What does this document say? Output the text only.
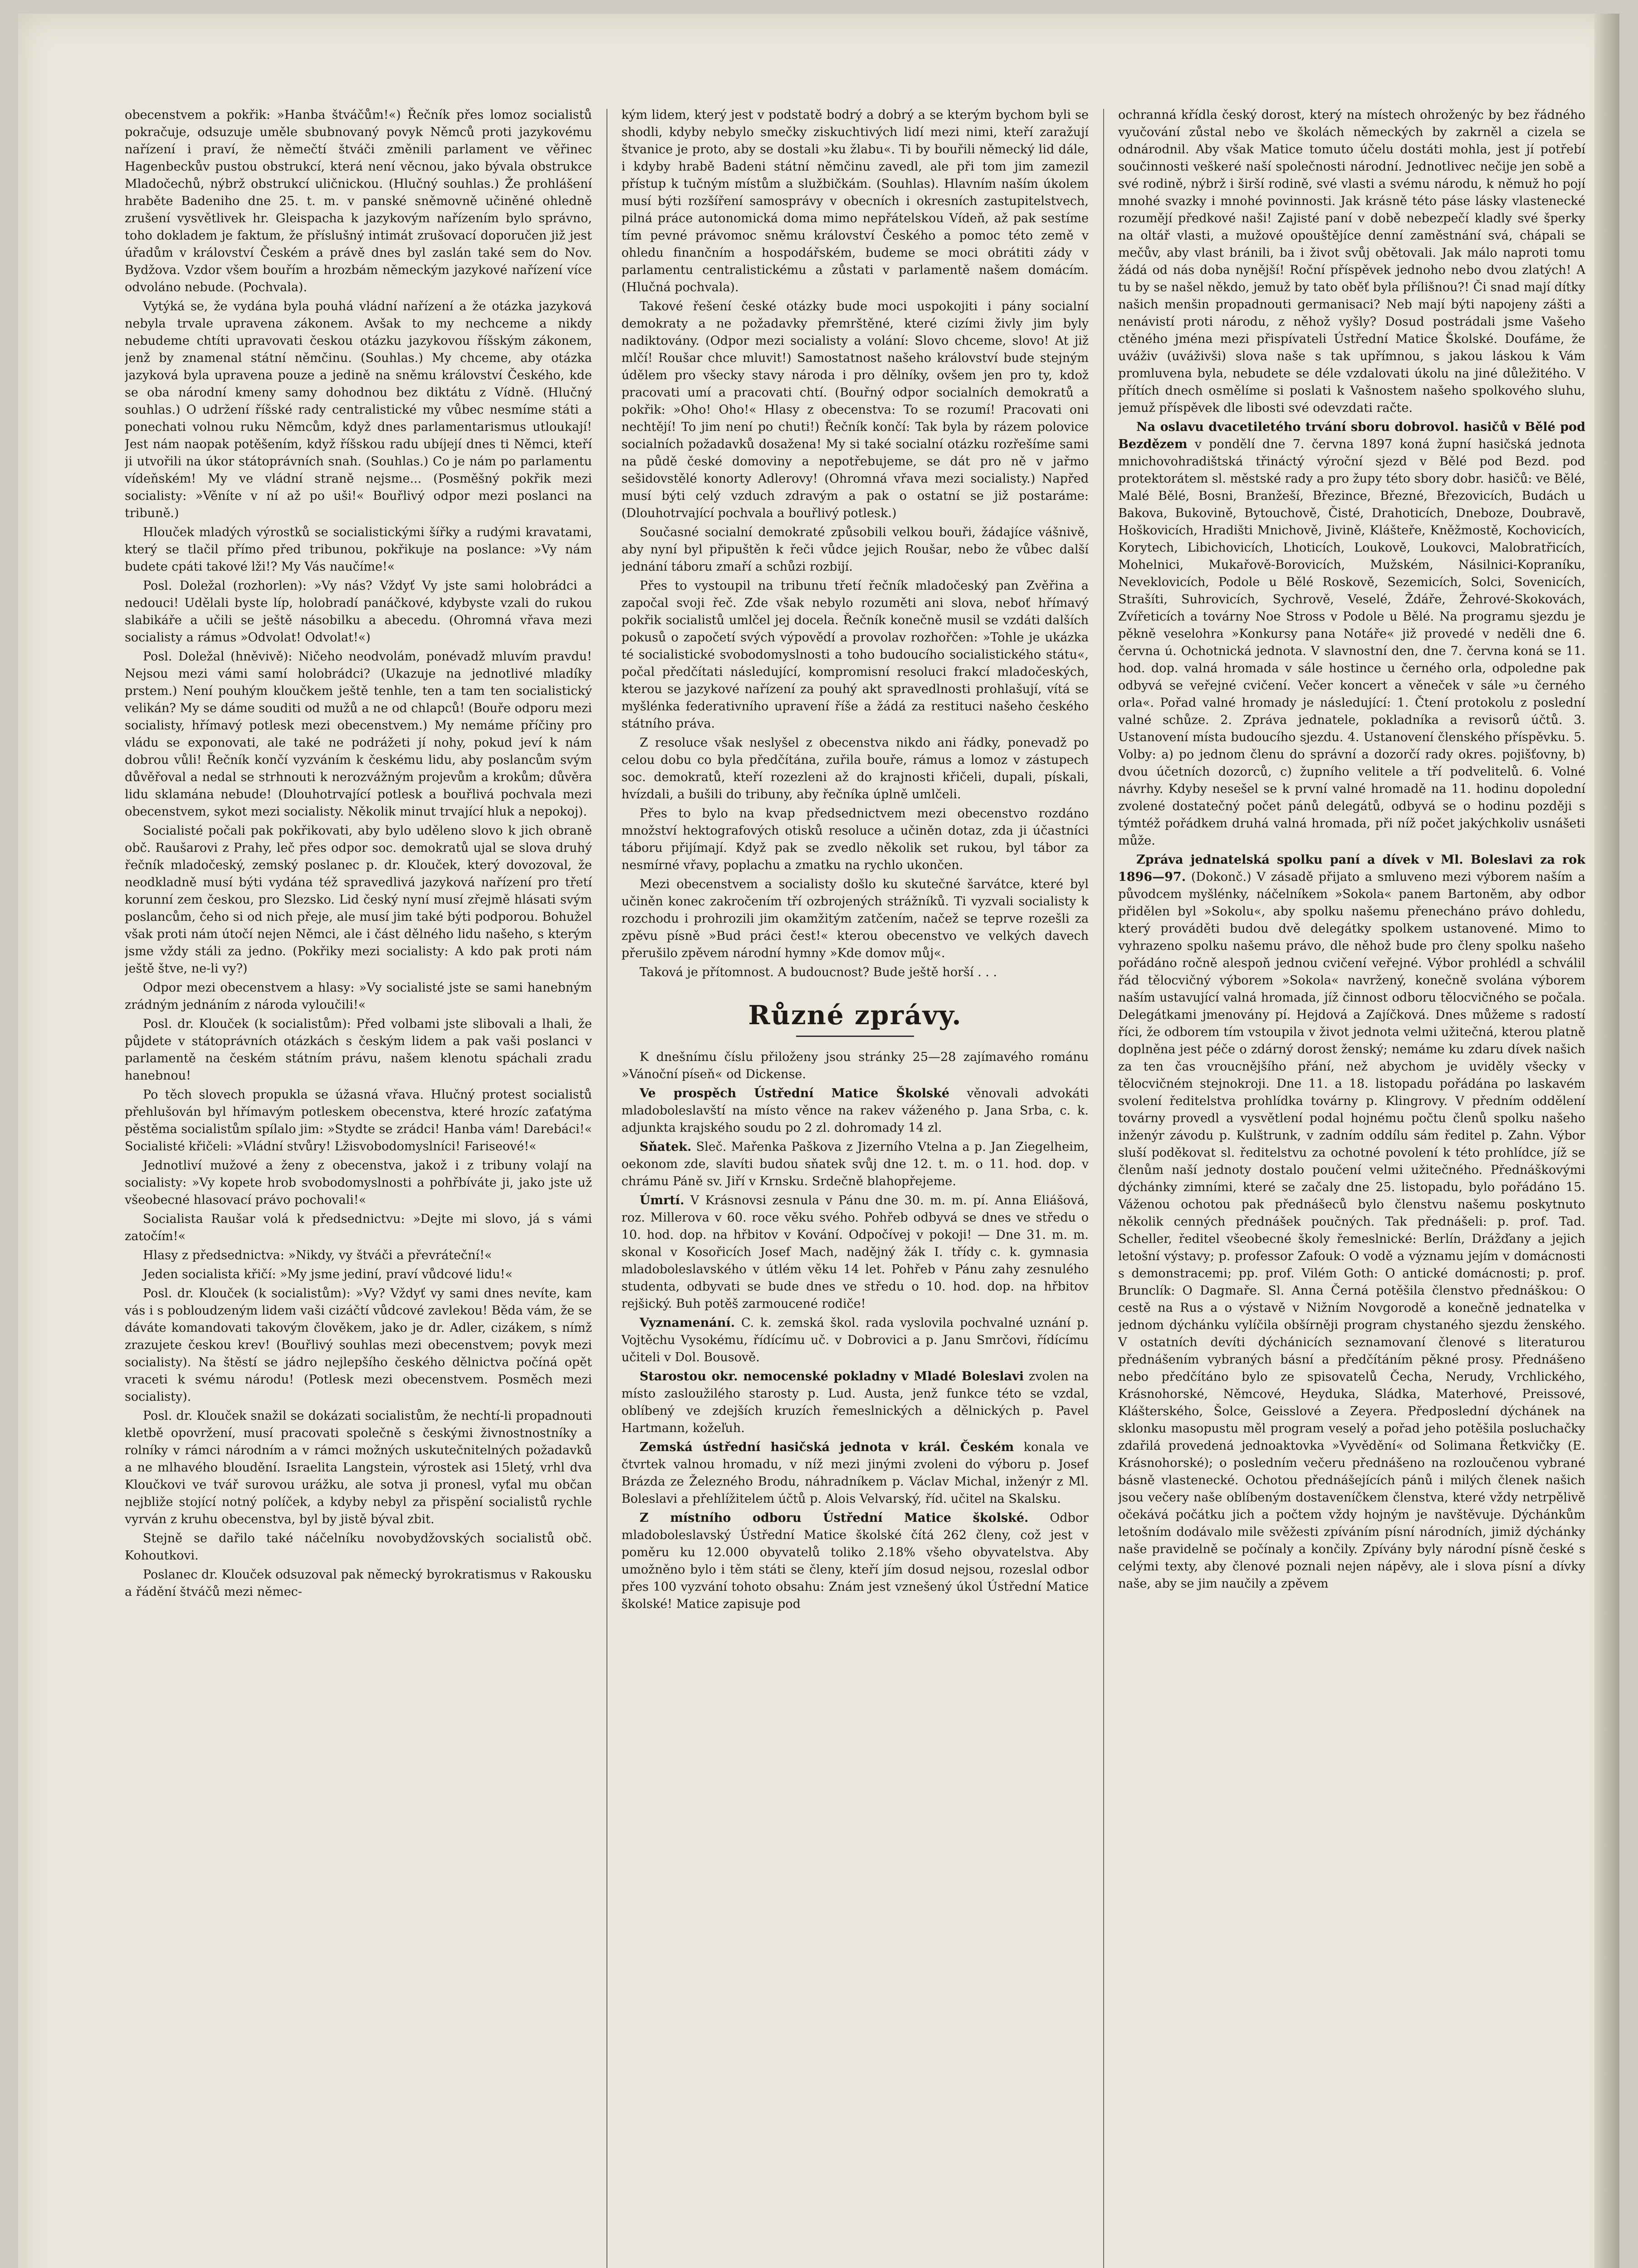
obecenstvem a pokřik: »Hanba štváčům!«) Řečník přes lomoz socialistů pokračuje, odsuzuje uměle sbubnovaný povyk Němců proti jazykovému nařízení i praví, že němečtí štváči změnili parlament ve věřinec Hagenbeckův pustou obstrukcí, která není věcnou, jako bývala obstrukce Mladočechů, nýbrž obstrukcí uličnickou. (Hlučný souhlas.) Že prohlášení hraběte Badeniho dne 25. t. m. v panské sněmovně učiněné ohledně zrušení vysvětlivek hr. Gleispacha k jazykovým nařízením bylo správno, toho dokladem je faktum, že příslušný intimát zrušovací doporučen již jest úřadům v království Českém a právě dnes byl zaslán také sem do Nov. Bydžova. Vzdor všem bouřím a hrozbám německým jazykové nařízení více odvoláno nebude. (Pochvala).

Vytýká se, že vydána byla pouhá vládní nařízení a že otázka jazyková nebyla trvale upravena zákonem. Avšak to my nechceme a nikdy nebudeme chtíti upravovati českou otázku jazykovou říšským zákonem, jenž by znamenal státní němčinu. (Souhlas.) My chceme, aby otázka jazyková byla upravena pouze a jedině na sněmu království Českého, kde se oba národní kmeny samy dohodnou bez diktátu z Vídně. (Hlučný souhlas.) O udržení říšské rady centralistické my vůbec nesmíme státi a ponechati volnou ruku Němcům, když dnes parlamentarismus utloukají! Jest nám naopak potěšením, když říšskou radu ubíjejí dnes ti Němci, kteří ji utvořili na úkor státoprávních snah. (Souhlas.) Co je nám po parlamentu vídeňském! My ve vládní straně nejsme... (Posměšný pokřik mezi socialisty: »Věníte v ní až po uši!« Bouřlivý odpor mezi poslanci na tribuně.)

Hlouček mladých výrostků se socialistickými šířky a rudými kravatami, který se tlačil přímo před tribunou, pokřikuje na poslance: »Vy nám budete cpáti takové lži!? My Vás naučíme!«

Posl. Doležal (rozhorlen): »Vy nás? Vždyť Vy jste sami holobrádci a nedouci! Udělali byste líp, holobradí panáčkové, kdybyste vzali do rukou slabikáře a učili se ještě násobilku a abecedu. (Ohromná vřava mezi socialisty a rámus »Odvolat! Odvolat!«)

Posl. Doležal (hněvivě): Ničeho neodvolám, ponévadž mluvím pravdu! Nejsou mezi vámi samí holobrádci? (Ukazuje na jednotlivé mladíky prstem.) Není pouhým kloučkem ještě tenhle, ten a tam ten socialistický velikán? My se dáme souditi od mužů a ne od chlapců! (Bouře odporu mezi socialisty, hřímavý potlesk mezi obecenstvem.) My nemáme příčiny pro vládu se exponovati, ale také ne podrážeti jí nohy, pokud jeví k nám dobrou vůli! Řečník končí vyzváním k českému lidu, aby poslancům svým důvěřoval a nedal se strhnouti k nerozvážným projevům a krokům; důvěra lidu sklamána nebude! (Dlouhotrvající potlesk a bouřlivá pochvala mezi obecenstvem, sykot mezi socialisty. Několik minut trvající hluk a nepokoj).

Socialisté počali pak pokřikovati, aby bylo uděleno slovo k jich obraně obč. Raušarovi z Prahy, leč přes odpor soc. demokratů ujal se slova druhý řečník mladočeský, zemský poslanec p. dr. Klouček, který dovozoval, že neodkladně musí býti vydána též spravedlivá jazyková nařízení pro třetí korunní zem českou, pro Slezsko. Lid český nyní musí zřejmě hlásati svým poslancům, čeho si od nich přeje, ale musí jim také býti podporou. Bohužel však proti nám útočí nejen Němci, ale i část dělného lidu našeho, s kterým jsme vždy stáli za jedno. (Pokřiky mezi socialisty: A kdo pak proti nám ještě štve, ne-li vy?)

Odpor mezi obecenstvem a hlasy: »Vy socialisté jste se sami hanebným zrádným jednáním z národa vyloučili!«

Posl. dr. Klouček (k socialistům): Před volbami jste slibovali a lhali, že půjdete v státoprávních otázkách s českým lidem a pak vaši poslanci v parlamentě na českém státním právu, našem klenotu spáchali zradu hanebnou!

Po těch slovech propukla se úžasná vřava. Hlučný protest socialistů přehlušován byl hřímavým potleskem obecenstva, které hrozíc zaťatýma pěstěma socialistům spílalo jim: »Stydte se zrádci! Hanba vám! Darebáci!« Socialisté křičeli: »Vládní stvůry! Lžisvobodomyslníci! Fariseové!«

Jednotliví mužové a ženy z obecenstva, jakož i z tribuny volají na socialisty: »Vy kopete hrob svobodomyslnosti a pohřbíváte ji, jako jste už všeobecné hlasovací právo pochovali!«

Socialista Raušar volá k předsednictvu: »Dejte mi slovo, já s vámi zatočím!«

Hlasy z předsednictva: »Nikdy, vy štváči a převráteční!«

Jeden socialista křičí: »My jsme jediní, praví vůdcové lidu!«

Posl. dr. Klouček (k socialistům): »Vy? Vždyť vy sami dnes nevíte, kam vás i s pobloudzeným lidem vaši cizáčtí vůdcové zavlekou! Běda vám, že se dáváte komandovati takovým člověkem, jako je dr. Adler, cizákem, s nímž zrazujete českou krev! (Bouřlivý souhlas mezi obecenstvem; povyk mezi socialisty). Na štěstí se jádro nejlepšího českého dělnictva počíná opět vraceti k svému národu! (Potlesk mezi obecenstvem. Posměch mezi socialisty).

Posl. dr. Klouček snažil se dokázati socialistům, že nechtí-li propadnouti kletbě opovržení, musí pracovati společně s českými živnostnostníky a rolníky v rámci národním a v rámci možných uskutečnitelných požadavků a ne mlhavého bloudění. Israelita Langstein, výrostek asi 15letý, vrhl dva Kloučkovi ve tvář surovou urážku, ale sotva ji pronesl, vyťal mu občan nejbliže stojící notný políček, a kdyby nebyl za přispění socialistů rychle vyrván z kruhu obecenstva, byl by jistě býval zbit.

Stejně se dařilo také náčelníku novobydžovských socialistů obč. Kohoutkovi.

Poslanec dr. Klouček odsuzoval pak německý byrokratismus v Rakousku a řádění štváčů mezi němec-

kým lidem, který jest v podstatě bodrý a dobrý a se kterým bychom byli se shodli, kdyby nebylo smečky ziskuchtivých lidí mezi nimi, kteří zaražují štvanice je proto, aby se dostali »ku žlabu«. Ti by bouřili německý lid dále, i kdyby hrabě Badeni státní němčinu zavedl, ale při tom jim zamezil přístup k tučným místům a službičkám. (Souhlas). Hlavním naším úkolem musí býti rozšíření samosprávy v obecních i okresních zastupitelstvech, pilná práce autonomická doma mimo nepřátelskou Vídeň, až pak sestíme tím pevné právomoc sněmu království Českého a pomoc této země v ohledu finančním a hospodářském, budeme se moci obrátiti zády v parlamentu centralistickému a zůstati v parlamentě našem domácím. (Hlučná pochvala).

Takové řešení české otázky bude moci uspokojiti i pány socialní demokraty a ne požadavky přemrštěné, které cizími živly jim byly nadiktovány. (Odpor mezi socialisty a volání: Slovo chceme, slovo! At již mlčí! Roušar chce mluvit!) Samostatnost našeho království bude stejným údělem pro všecky stavy národa i pro dělníky, ovšem jen pro ty, kdož pracovati umí a pracovati chtí. (Bouřný odpor socialních demokratů a pokřik: »Oho! Oho!« Hlasy z obecenstva: To se rozumí! Pracovati oni nechtějí! To jim není po chuti!) Řečník končí: Tak byla by rázem polovice socialních požadavků dosažena! My si také socialní otázku rozřešíme sami na půdě české domoviny a nepotřebujeme, se dát pro ně v jařmo sešidovstělé konorty Adlerovy! (Ohromná vřava mezi socialisty.) Napřed musí býti celý vzduch zdravým a pak o ostatní se již postaráme: (Dlouhotrvající pochvala a bouřlivý potlesk.)

Současné socialní demokraté způsobili velkou bouři, žádajíce vášnivě, aby nyní byl připuštěn k řeči vůdce jejich Roušar, nebo že vůbec další jednání táboru zmaří a schůzi rozbijí.

Přes to vystoupil na tribunu třetí řečník mladočeský pan Zvěřina a započal svoji řeč. Zde však nebylo rozuměti ani slova, neboť hřímavý pokřik socialistů umlčel jej docela. Řečník konečně musil se vzdáti dalších pokusů o započetí svých výpovědí a provolav rozhořčen: »Tohle je ukázka té socialistické svobodomyslnosti a toho budoucího socialistického státu«, počal předčítati následující, kompromisní resoluci frakcí mladočeských, kterou se jazykové nařízení za pouhý akt spravedlnosti prohlašují, vítá se myšlénka federativního upravení říše a žádá za restituci našeho českého státního práva.

Z resoluce však neslyšel z obecenstva nikdo ani řádky, ponevadž po celou dobu co byla předčítána, zuřila bouře, rámus a lomoz v zástupech soc. demokratů, kteří rozezleni až do krajnosti křičeli, dupali, pískali, hvízdali, a bušili do tribuny, aby řečníka úplně umlčeli.

Přes to bylo na kvap předsednictvem mezi obecenstvo rozdáno množství hektografových otisků resoluce a učiněn dotaz, zda ji účastníci táboru přijímají. Když pak se zvedlo několik set rukou, byl tábor za nesmírné vřavy, poplachu a zmatku na rychlo ukončen.

Mezi obecenstvem a socialisty došlo ku skutečné šarvátce, které byl učiněn konec zakročením tří ozbrojených strážníků. Ti vyzvali socialisty k rozchodu i prohrozili jim okamžitým zatčením, načež se teprve rozešli za zpěvu písně »Bud práci čest!« kterou obecenstvo ve velkých davech přerušilo zpěvem národní hymny »Kde domov můj«.

Taková je přítomnost. A budoucnost? Bude ještě horší . . .

Různé zprávy.

K dnešnímu číslu přiloženy jsou stránky 25—28 zajímavého románu »Vánoční píseň« od Dickense.

Ve prospěch Ústřední Matice Školské věnovali advokáti mladoboleslavští na místo věnce na rakev váženého p. Jana Srba, c. k. adjunkta krajského soudu po 2 zl. dohromady 14 zl.

Sňatek. Sleč. Mařenka Paškova z Jizerního Vtelna a p. Jan Ziegelheim, oekonom zde, slavíti budou sňatek svůj dne 12. t. m. o 11. hod. dop. v chrámu Páně sv. Jiří v Krnsku. Srdečně blahopřejeme.

Úmrtí. V Krásnovsi zesnula v Pánu dne 30. m. m. pí. Anna Eliášová, roz. Millerova v 60. roce věku svého. Pohřeb odbyvá se dnes ve středu o 10. hod. dop. na hřbitov v Kování. Odpočívej v pokoji! — Dne 31. m. m. skonal v Kosořicích Josef Mach, nadějný žák I. třídy c. k. gymnasia mladoboleslavského v útlém věku 14 let. Pohřeb v Pánu zahy zesnulého studenta, odbyvati se bude dnes ve středu o 10. hod. dop. na hřbitov rejšický. Buh potěš zarmoucené rodiče!

Vyznamenání. C. k. zemská škol. rada vyslovila pochvalné uznání p. Vojtěchu Vysokému, řídícímu uč. v Dobrovici a p. Janu Smrčovi, řídícímu učiteli v Dol. Bousově.

Starostou okr. nemocenské pokladny v Mladé Boleslavi zvolen na místo zasloužilého starosty p. Lud. Austa, jenž funkce této se vzdal, oblíbený ve zdejších kruzích řemeslnických a dělnických p. Pavel Hartmann, kožeľuh.

Zemská ústřední hasičská jednota v král. Českém konala ve čtvrtek valnou hromadu, v níž mezi jinými zvoleni do výboru p. Josef Brázda ze Železného Brodu, náhradníkem p. Václav Michal, inženýr z Ml. Boleslavi a přehlížitelem účtů p. Alois Velvarský, říd. učitel na Skalsku.

Z místního odboru Ústřední Matice školské. Odbor mladoboleslavský Ústřední Matice školské čítá 262 členy, což jest v poměru ku 12.000 obyvatelů toliko 2.18% všeho obyvatelstva. Aby umožněno bylo i těm státi se členy, kteří jím dosud nejsou, rozeslal odbor přes 100 vyzvání tohoto obsahu: Znám jest vznešený úkol Ústřední Matice školské! Matice zapisuje pod

ochranná křídla český dorost, který na místech ohroženýc by bez řádného vyučování zůstal nebo ve školách německých by zakrněl a cizela se odnárodnil. Aby však Matice tomuto účelu dostáti mohla, jest jí potřebí součinnosti veškeré naší společnosti národní. Jednotlivec nečije jen sobě a své rodině, nýbrž i širší rodině, své vlasti a svému národu, k němuž ho pojí mnohé svazky i mnohé povinnosti. Jak krásně této páse lásky vlastenecké rozumějí předkové naši! Zajisté paní v době nebezpečí kladly své šperky na oltář vlasti, a mužové opouštějíce denní zaměstnání svá, chápali se mečův, aby vlast bránili, ba i život svůj obětovali. Jak málo naproti tomu žádá od nás doba nynější! Roční příspěvek jednoho nebo dvou zlatých! A tu by se našel někdo, jemuž by tato oběť byla přílišnou?! Či snad mají dítky našich menšin propadnouti germanisaci? Neb mají býti napojeny zášti a nenávistí proti národu, z něhož vyšly? Dosud postrádali jsme Vašeho ctěného jména mezi přispívateli Ústřední Matice Školské. Doufáme, že uváživ (uváživši) slova naše s tak upřímnou, s jakou láskou k Vám promluvena byla, nebudete se déle vzdalovati úkolu na jiné důležitého. V přítích dnech osmělíme si poslati k Vašnostem našeho spolkového sluhu, jemuž příspěvek dle libosti své odevzdati račte.

Na oslavu dvacetiletého trvání sboru dobrovol. hasičů v Bělé pod Bezdězem v pondělí dne 7. června 1897 koná župní hasičská jednota mnichovohradištská třináctý výroční sjezd v Bělé pod Bezd. pod protektorátem sl. městské rady a pro župy této sbory dobr. hasičů: ve Bělé, Malé Bělé, Bosni, Branžeší, Březince, Březné, Březovicích, Budách u Bakova, Bukovině, Bytouchově, Čisté, Drahoticích, Dneboze, Doubravě, Hoškovicích, Hradišti Mnichově, Jivině, Klášteře, Kněžmostě, Kochovicích, Korytech, Libichovicích, Lhoticích, Loukově, Loukovci, Malobratřicích, Mohelnici, Mukařově-Borovicích, Mužském, Násilnici-Kopraníku, Neveklovicích, Podole u Bělé Roskově, Sezemicích, Solci, Sovenicích, Strašíti, Suhrovicích, Sychrově, Veselé, Ždáře, Žehrové-Skokovách, Zvířeticích a továrny Noe Stross v Podole u Bělé. Na programu sjezdu je pěkně veselohra »Konkursy pana Notáře« již provedé v neděli dne 6. června ú. Ochotnická jednota. V slavnostní den, dne 7. června koná se 11. hod. dop. valná hromada v sále hostince u černého orla, odpoledne pak odbyvá se veřejné cvičení. Večer koncert a věneček v sále »u černého orla«. Pořad valné hromady je následující: 1. Čtení protokolu z poslední valné schůze. 2. Zpráva jednatele, pokladníka a revisorů účtů. 3. Ustanovení místa budoucího sjezdu. 4. Ustanovení členského příspěvku. 5. Volby: a) po jednom členu do správní a dozorčí rady okres. pojišťovny, b) dvou účetních dozorců, c) župního velitele a tří podvelitelů. 6. Volné návrhy. Kdyby nesešel se k první valné hromadě na 11. hodinu dopolední zvolené dostatečný počet pánů delegátů, odbyvá se o hodinu později s týmtéž pořádkem druhá valná hromada, při níž počet jakýchkoliv usnášeti může.

Zpráva jednatelská spolku paní a dívek v Ml. Boleslavi za rok 1896—97. (Dokonč.) V zásadě přijato a smluveno mezi výborem naším a původcem myšlénky, náčelníkem »Sokola« panem Bartoněm, aby odbor přidělen byl »Sokolu«, aby spolku našemu přenecháno právo dohledu, který prováděti budou dvě delegátky spolkem ustanovené. Mimo to vyhrazeno spolku našemu právo, dle něhož bude pro členy spolku našeho pořádáno ročně alespoň jednou cvičení veřejné. Výbor prohlédl a schválil řád tělocvičný výborem »Sokola« navržený, konečně svolána výborem naším ustavující valná hromada, jíž činnost odboru tělocvičného se počala. Delegátkami jmenovány pí. Hejdová a Zajíčková. Dnes můžeme s radostí říci, že odborem tím vstoupila v život jednota velmi užitečná, kterou platně doplněna jest péče o zdárný dorost ženský; nemáme ku zdaru dívek našich za ten čas vroucnějšího přání, než abychom je uviděly všecky v tělocvičném stejnokroji. Dne 11. a 18. listopadu pořádána po laskavém svolení ředitelstva prohlídka továrny p. Klingrovy. V předním oddělení továrny provedl a vysvětlení podal hojnému počtu členů spolku našeho inženýr závodu p. Kulštrunk, v zadním oddílu sám ředitel p. Zahn. Výbor sluší poděkovat sl. ředitelstvu za ochotné povolení k této prohlídce, jíž se členům naší jednoty dostalo poučení velmi užitečného. Přednáškovými dýchánky zimními, které se začaly dne 25. listopadu, bylo pořádáno 15. Váženou ochotou pak přednášeců bylo členstvu našemu poskytnuto několik cenných přednášek poučných. Tak přednášeli: p. prof. Tad. Scheller, ředitel všeobecné školy řemeslnické: Berlín, Drážďany a jejich letošní výstavy; p. professor Zafouk: O vodě a významu jejím v domácnosti s demonstracemi; pp. prof. Vilém Goth: O antické domácnosti; p. prof. Brunclík: O Dagmaře. Sl. Anna Černá potěšila členstvo přednáškou: O cestě na Rus a o výstavě v Nižním Novgorodě a konečně jednatelka v jednom dýchánku vylíčila obšírněji program chystaného sjezdu ženského. V ostatních devíti dýchánicích seznamovaní členové s literaturou přednášením vybraných básní a předčítáním pěkné prosy. Přednášeno nebo předčítáno bylo ze spisovatelů Čecha, Nerudy, Vrchlického, Krásnohorské, Němcové, Heyduka, Sládka, Materhové, Preissové, Klášterského, Šolce, Geisslové a Zeyera. Předposlední dýchánek na sklonku masopustu měl program veselý a pořad jeho potěšila posluchačky zdařilá provedená jednoaktovka »Vyvědění« od Solimana Řetkvičky (E. Krásnohorské); o posledním večeru přednášeno na rozloučenou vybrané básně vlastenecké. Ochotou přednášejících pánů i milých členek našich jsou večery naše oblíbeným dostaveníčkem členstva, které vždy netrpělivě očekává počátku jich a počtem vždy hojným je navštěvuje. Dýchánkům letošním dodávalo mile svěžesti zpíváním písní národních, jimiž dýchánky naše pravidelně se počínaly a končily. Zpívány byly národní písně české s celými texty, aby členové poznali nejen nápěvy, ale i slova písní a dívky naše, aby se jim naučily a zpěvem
